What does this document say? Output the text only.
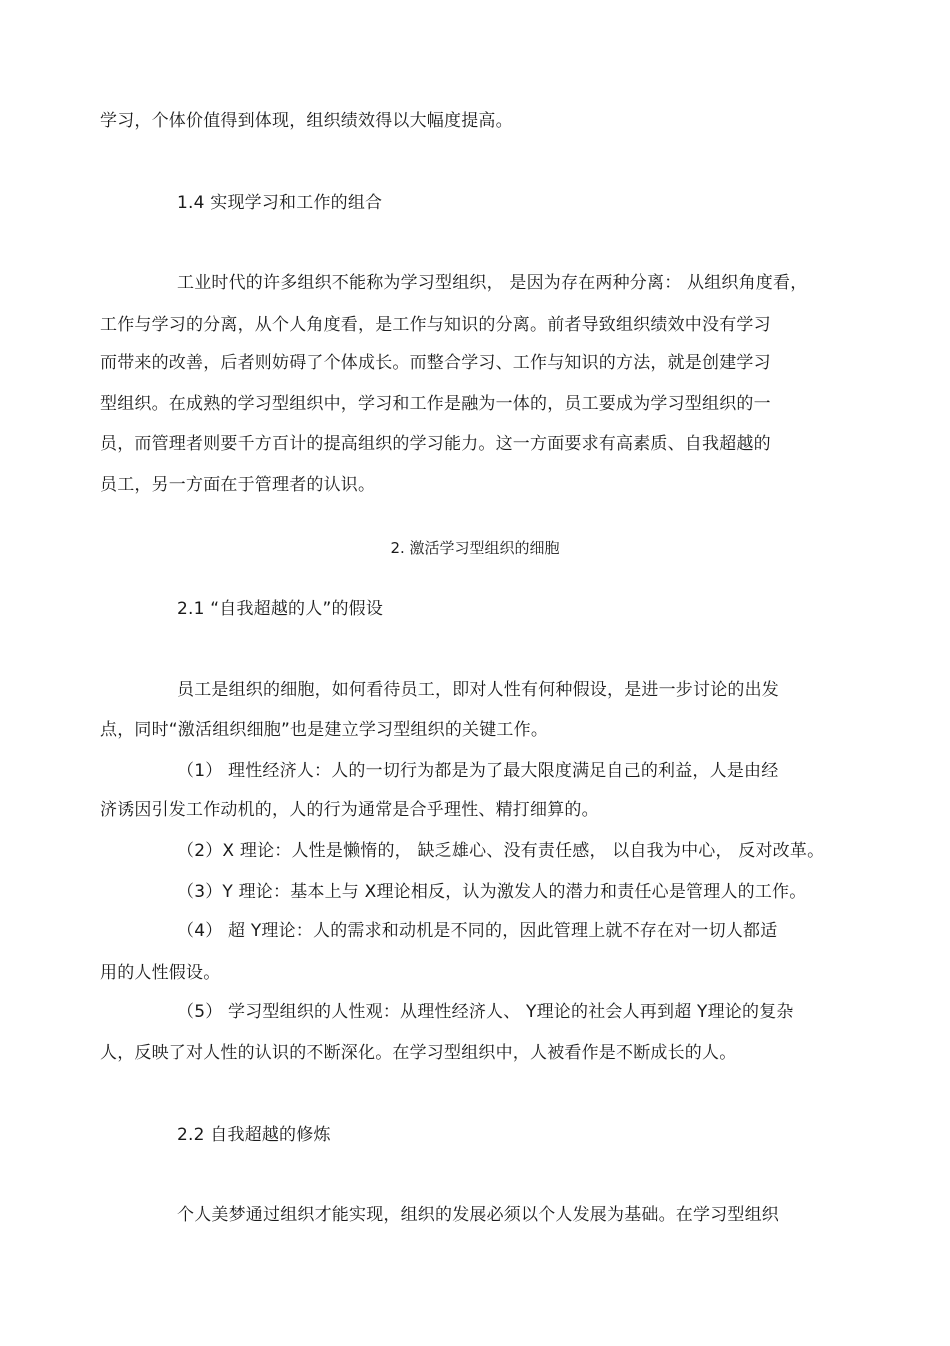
学习，个体价值得到体现，组织绩效得以大幅度提高。

1.4 实现学习和工作的组合

工业时代的许多组织不能称为学习型组织， 是因为存在两种分离： 从组织角度看，

工作与学习的分离，从个人角度看，是工作与知识的分离。前者导致组织绩效中没有学习

而带来的改善，后者则妨碍了个体成长。而整合学习、工作与知识的方法，就是创建学习

型组织。在成熟的学习型组织中，学习和工作是融为一体的，员工要成为学习型组织的一

员，而管理者则要千方百计的提高组织的学习能力。这一方面要求有高素质、自我超越的

员工，另一方面在于管理者的认识。

2. 激活学习型组织的细胞

2.1 “自我超越的人”的假设

员工是组织的细胞，如何看待员工，即对人性有何种假设，是进一步讨论的出发

点，同时“激活组织细胞”也是建立学习型组织的关键工作。

（1） 理性经济人：人的一切行为都是为了最大限度满足自己的利益，人是由经

济诱因引发工作动机的，人的行为通常是合乎理性、精打细算的。

（2）X 理论：人性是懒惰的， 缺乏雄心、没有责任感， 以自我为中心， 反对改革。

（3）Y 理论：基本上与 X理论相反，认为激发人的潜力和责任心是管理人的工作。

（4） 超 Y理论：人的需求和动机是不同的，因此管理上就不存在对一切人都适

用的人性假设。

（5） 学习型组织的人性观：从理性经济人、 Y理论的社会人再到超 Y理论的复杂

人，反映了对人性的认识的不断深化。在学习型组织中，人被看作是不断成长的人。

2.2 自我超越的修炼

个人美梦通过组织才能实现，组织的发展必须以个人发展为基础。在学习型组织
